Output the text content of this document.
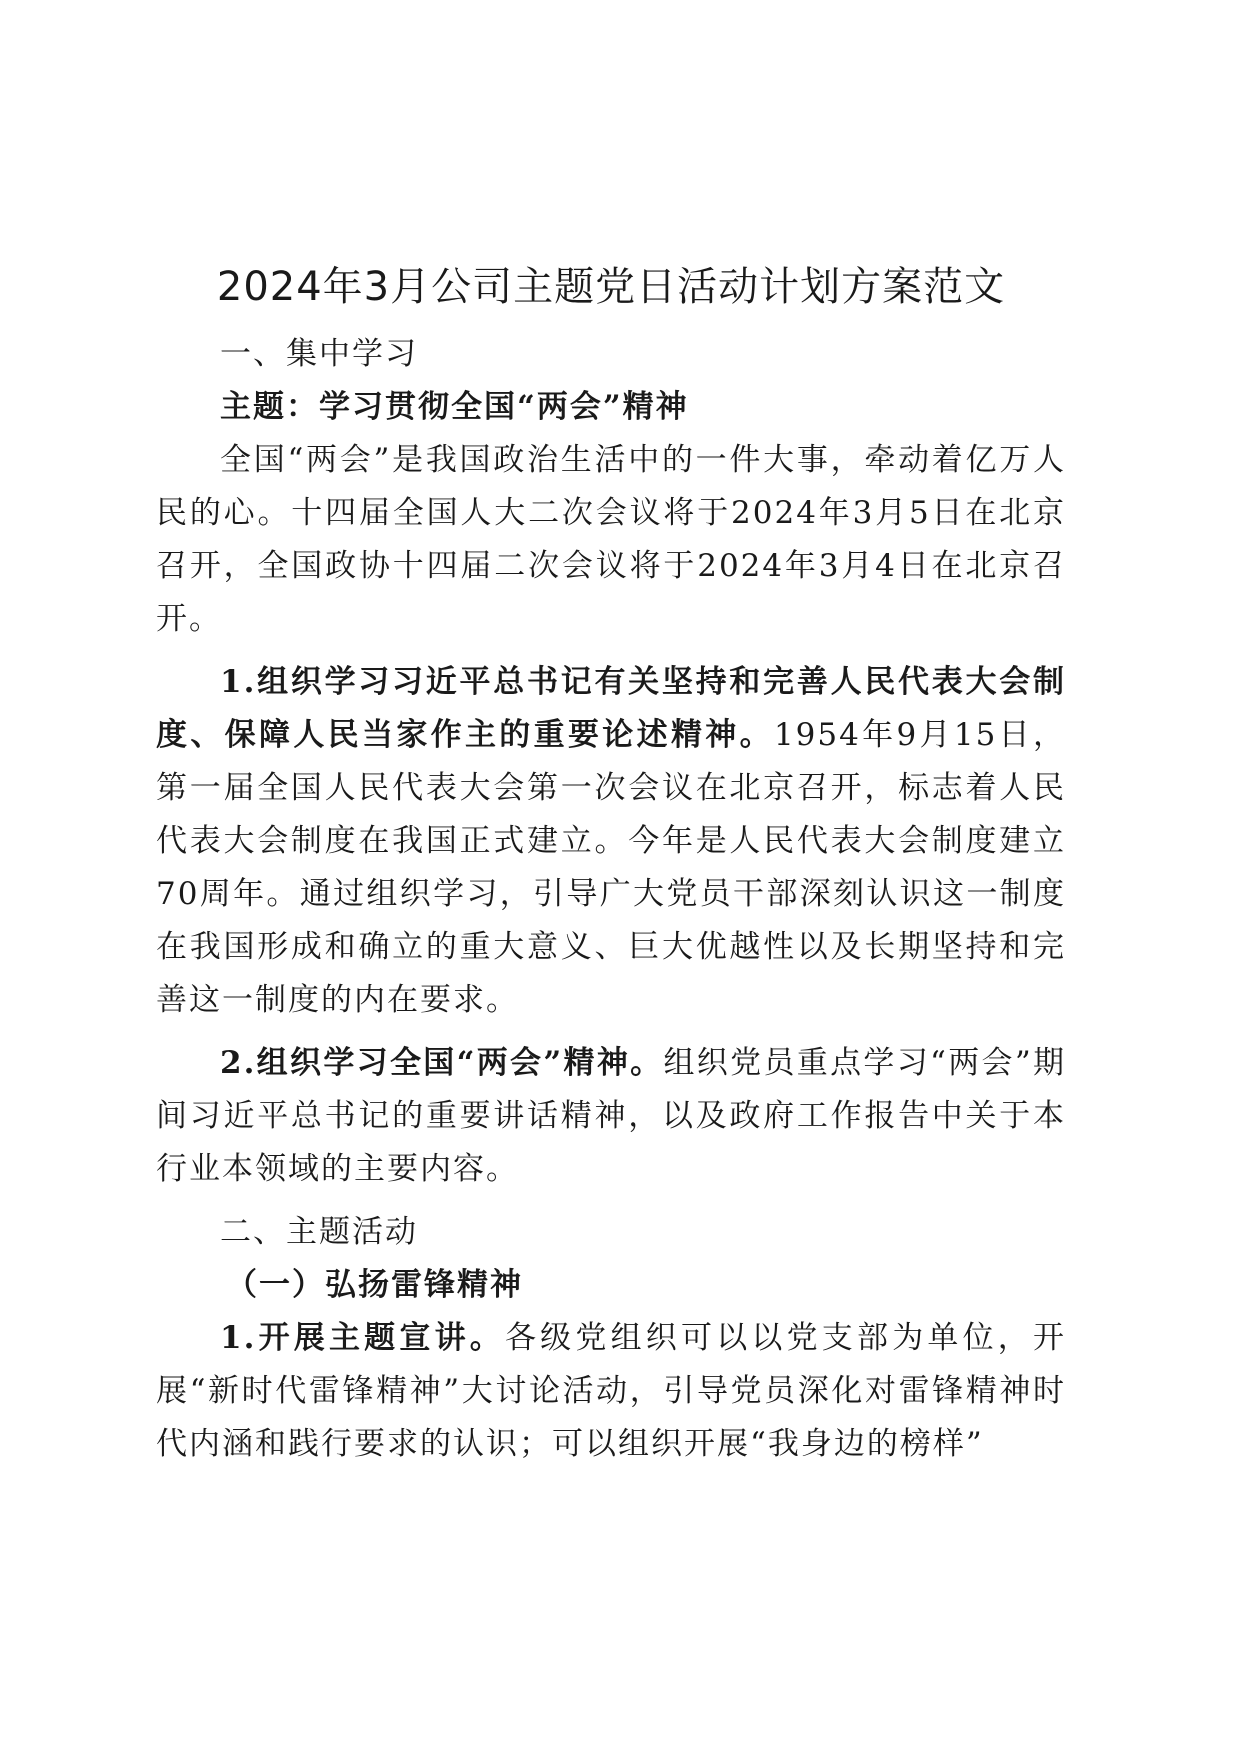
2024年3月公司主题党日活动计划方案范文

一、集中学习

主题：学习贯彻全国“两会”精神

全国“两会”是我国政治生活中的一件大事，牵动着亿万人民的心。十四届全国人大二次会议将于2024年3月5日在北京召开，全国政协十四届二次会议将于2024年3月4日在北京召开。

1.组织学习习近平总书记有关坚持和完善人民代表大会制度、保障人民当家作主的重要论述精神。1954年9月15日，第一届全国人民代表大会第一次会议在北京召开，标志着人民代表大会制度在我国正式建立。今年是人民代表大会制度建立70周年。通过组织学习，引导广大党员干部深刻认识这一制度在我国形成和确立的重大意义、巨大优越性以及长期坚持和完善这一制度的内在要求。

2.组织学习全国“两会”精神。组织党员重点学习“两会”期间习近平总书记的重要讲话精神，以及政府工作报告中关于本行业本领域的主要内容。

二、主题活动

（一）弘扬雷锋精神

1.开展主题宣讲。各级党组织可以以党支部为单位，开展“新时代雷锋精神”大讨论活动，引导党员深化对雷锋精神时代内涵和践行要求的认识；可以组织开展“我身边的榜样”
